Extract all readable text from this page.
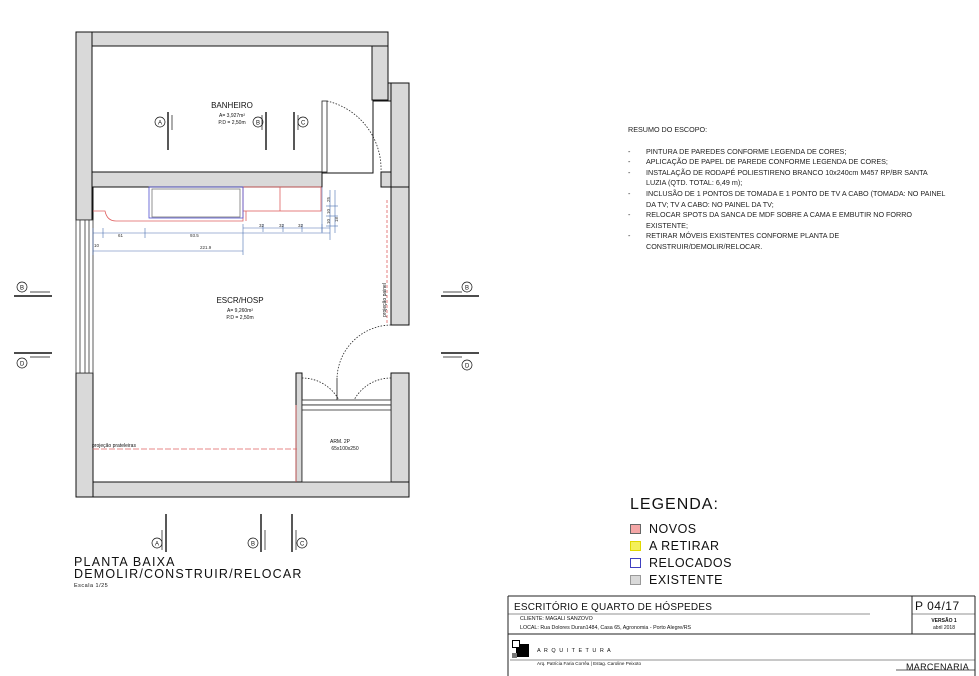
10
61	93.5
32	32	32
221.9
25
10
10 18
BANHEIRO
A= 3,927m²
P.D = 2,50m
ESCR/HOSP
A= 9,260m²
P.D = 2,50m
ARM. 2P
65x100x250
projeção prateleiras
projeção painel
A	B	C
A	B	C
B
D
B
D
RESUMO DO ESCOPO:
-	PINTURA DE PAREDES CONFORME LEGENDA DE CORES;
-	APLICAÇÃO DE PAPEL DE PAREDE CONFORME LEGENDA DE CORES;
-	INSTALAÇÃO DE RODAPÉ POLIESTIRENO BRANCO 10x240cm M457 RP/BR SANTA LUZIA (QTD. TOTAL: 6,49 m);
-	INCLUSÃO DE 1 PONTOS DE TOMADA E 1 PONTO DE TV A CABO (TOMADA: NO PAINEL DA TV; TV A CABO: NO PAINEL DA TV;
-	RELOCAR SPOTS DA SANCA DE MDF SOBRE A CAMA E EMBUTIR NO FORRO EXISTENTE;
-	RETIRAR MÓVEIS EXISTENTES CONFORME PLANTA DE CONSTRUIR/DEMOLIR/RELOCAR.
LEGENDA:
NOVOS
A RETIRAR
RELOCADOS
EXISTENTE
PLANTA BAIXA
DEMOLIR/CONSTRUIR/RELOCAR
Escala 1/25
ESCRITÓRIO E QUARTO DE HÓSPEDES
CLIENTE: MAGALI SANZOVO
LOCAL: Rua Dolores Duran1484, Casa 65, Agronomia - Porto Alegre/RS
P 04/17
VERSÃO 1
abril 2018
MARCENARIA
A R Q U I T E T U R A
Arq. Patrícia Faria Corrêa | Estag. Caroline Peixoto
